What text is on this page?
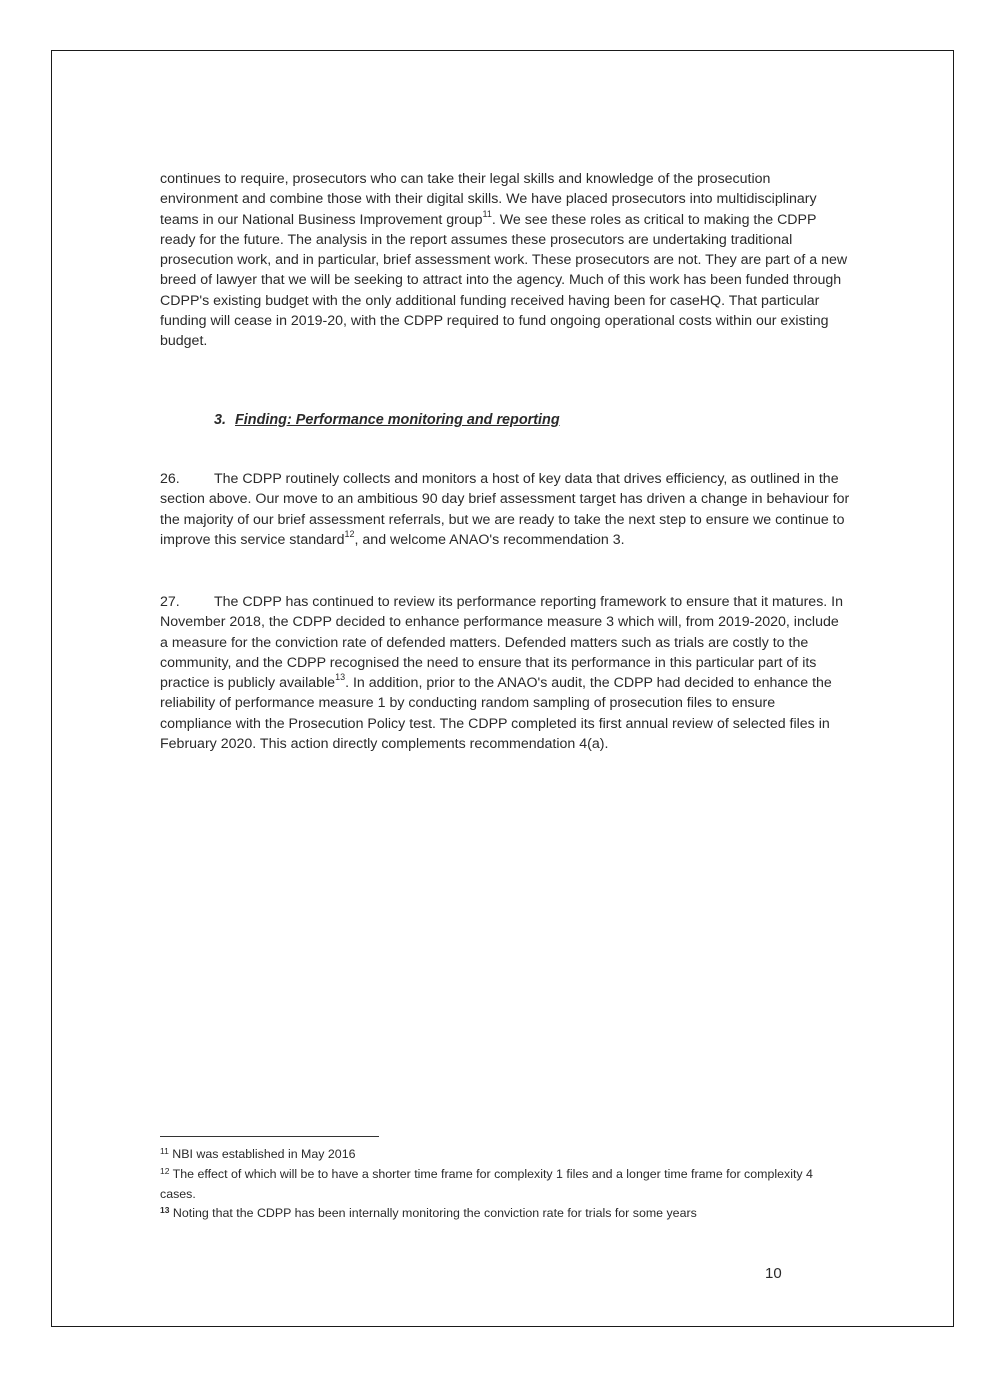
continues to require, prosecutors who can take their legal skills and knowledge of the prosecution environment and combine those with their digital skills. We have placed prosecutors into multidisciplinary teams in our National Business Improvement group$^{11}$. We see these roles as critical to making the CDPP ready for the future. The analysis in the report assumes these prosecutors are undertaking traditional prosecution work, and in particular, brief assessment work. These prosecutors are not. They are part of a new breed of lawyer that we will be seeking to attract into the agency. Much of this work has been funded through CDPP's existing budget with the only additional funding received having been for caseHQ. That particular funding will cease in 2019-20, with the CDPP required to fund ongoing operational costs within our existing budget.

3. Finding: Performance monitoring and reporting

26. The CDPP routinely collects and monitors a host of key data that drives efficiency, as outlined in the section above. Our move to an ambitious 90 day brief assessment target has driven a change in behaviour for the majority of our brief assessment referrals, but we are ready to take the next step to ensure we continue to improve this service standard$^{12}$, and welcome ANAO's recommendation 3.

27. The CDPP has continued to review its performance reporting framework to ensure that it matures. In November 2018, the CDPP decided to enhance performance measure 3 which will, from 2019-2020, include a measure for the conviction rate of defended matters. Defended matters such as trials are costly to the community, and the CDPP recognised the need to ensure that its performance in this particular part of its practice is publicly available$^{13}$. In addition, prior to the ANAO's audit, the CDPP had decided to enhance the reliability of performance measure 1 by conducting random sampling of prosecution files to ensure compliance with the Prosecution Policy test. The CDPP completed its first annual review of selected files in February 2020. This action directly complements recommendation 4(a).

$^{11}$ NBI was established in May 2016
$^{12}$ The effect of which will be to have a shorter time frame for complexity 1 files and a longer time frame for complexity 4 cases.
$^{13}$ Noting that the CDPP has been internally monitoring the conviction rate for trials for some years
10
